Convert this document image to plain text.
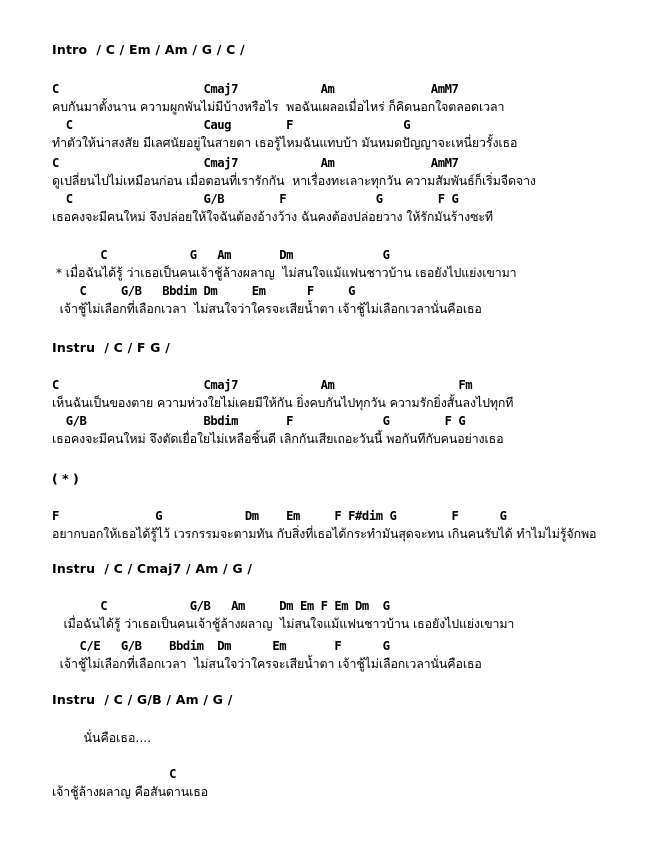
Intro  / C / Em / Am / G / C /
C                     Cmaj7            Am              AmM7
คบกันมาตั้งนาน ความผูกพันไม่มีบ้างหรือไร  พอฉันเผลอเมื่อไหร่ ก็คิดนอกใจตลอดเวลา
C                   Caug        F                G
ทำตัวให้น่าสงสัย มีเลศนัยอยู่ในสายตา เธอรู้ไหมฉันแทบบ้า มันหมดปัญญาจะเหนี่ยวรั้งเธอ
C                     Cmaj7            Am              AmM7
ดูเปลี่ยนไปไม่เหมือนก่อน เมื่อตอนที่เรารักกัน  หาเรื่องทะเลาะทุกวัน ความสัมพันธ์ก็เริ่มจืดจาง
C                   G/B        F             G        F G
เธอคงจะมีคนใหม่ จึงปล่อยให้ใจฉันต้องอ้างว้าง ฉันคงต้องปล่อยวาง ให้รักมันร้างซะที
C            G   Am       Dm             G
* เมื่อฉันได้รู้ ว่าเธอเป็นคนเจ้าชู้ล้างผลาญ  ไม่สนใจแม้แฟนชาวบ้าน เธอยังไปแย่งเขามา
C     G/B   Bbdim Dm     Em      F     G
เจ้าชู้ไม่เลือกที่เลือกเวลา  ไม่สนใจว่าใครจะเสียน้ำตา เจ้าชู้ไม่เลือกเวลานั่นคือเธอ
Instru  / C / F G /
C                     Cmaj7            Am                  Fm
เห็นฉันเป็นของตาย ความห่วงใยไม่เคยมีให้กัน ยิ่งคบกันไปทุกวัน ความรักยิ่งสั้นลงไปทุกที
G/B                 Bbdim       F             G        F G
เธอคงจะมีคนใหม่ จึงตัดเยื่อใยไม่เหลือชิ้นดี เลิกกันเสียเถอะวันนี้ พอกันทีกับคนอย่างเธอ
( * )
F              G            Dm    Em     F F#dim G        F      G
อยากบอกให้เธอได้รู้ไว้ เวรกรรมจะตามทัน กับสิ่งที่เธอได้กระทำมันสุดจะทน เกินคนรับได้ ทำไมไม่รู้จักพอ
Instru  / C / Cmaj7 / Am / G /
C            G/B   Am     Dm Em F Em Dm  G
เมื่อฉันได้รู้ ว่าเธอเป็นคนเจ้าชู้ล้างผลาญ  ไม่สนใจแม้แฟนชาวบ้าน เธอยังไปแย่งเขามา
C/E   G/B    Bbdim  Dm      Em       F      G
เจ้าชู้ไม่เลือกที่เลือกเวลา  ไม่สนใจว่าใครจะเสียน้ำตา เจ้าชู้ไม่เลือกเวลานั่นคือเธอ
Instru  / C / G/B / Am / G /
นั่นคือเธอ....
C
เจ้าชู้ล้างผลาญ คือสันดานเธอ
